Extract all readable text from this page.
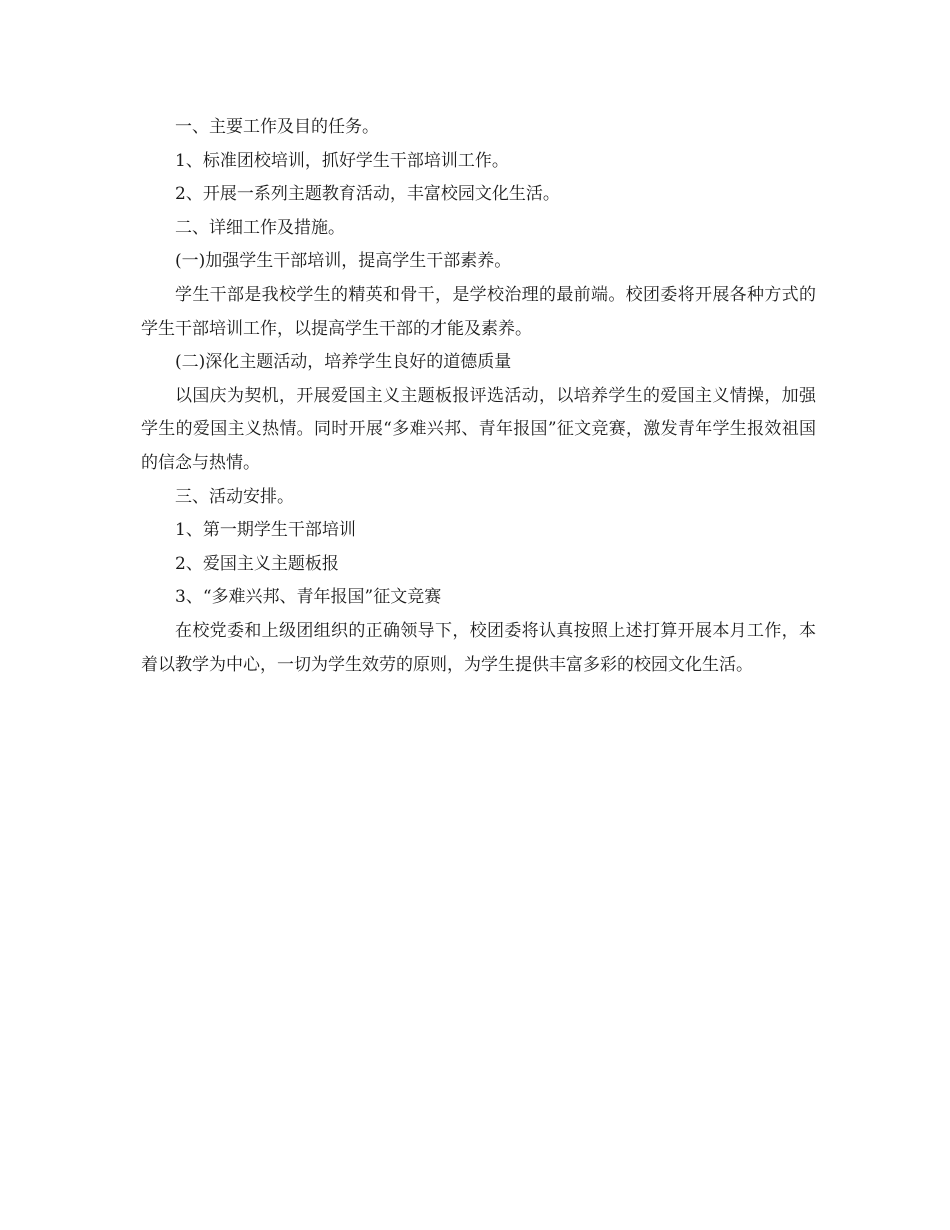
一、主要工作及目的任务。

1、标准团校培训，抓好学生干部培训工作。

2、开展一系列主题教育活动，丰富校园文化生活。

二、详细工作及措施。

(一)加强学生干部培训，提高学生干部素养。

学生干部是我校学生的精英和骨干，是学校治理的最前端。校团委将开展各种方式的学生干部培训工作，以提高学生干部的才能及素养。

(二)深化主题活动，培养学生良好的道德质量

以国庆为契机，开展爱国主义主题板报评选活动，以培养学生的爱国主义情操，加强学生的爱国主义热情。同时开展“多难兴邦、青年报国”征文竞赛，激发青年学生报效祖国的信念与热情。

三、活动安排。

1、第一期学生干部培训

2、爱国主义主题板报

3、“多难兴邦、青年报国”征文竞赛

在校党委和上级团组织的正确领导下，校团委将认真按照上述打算开展本月工作，本着以教学为中心，一切为学生效劳的原则，为学生提供丰富多彩的校园文化生活。
